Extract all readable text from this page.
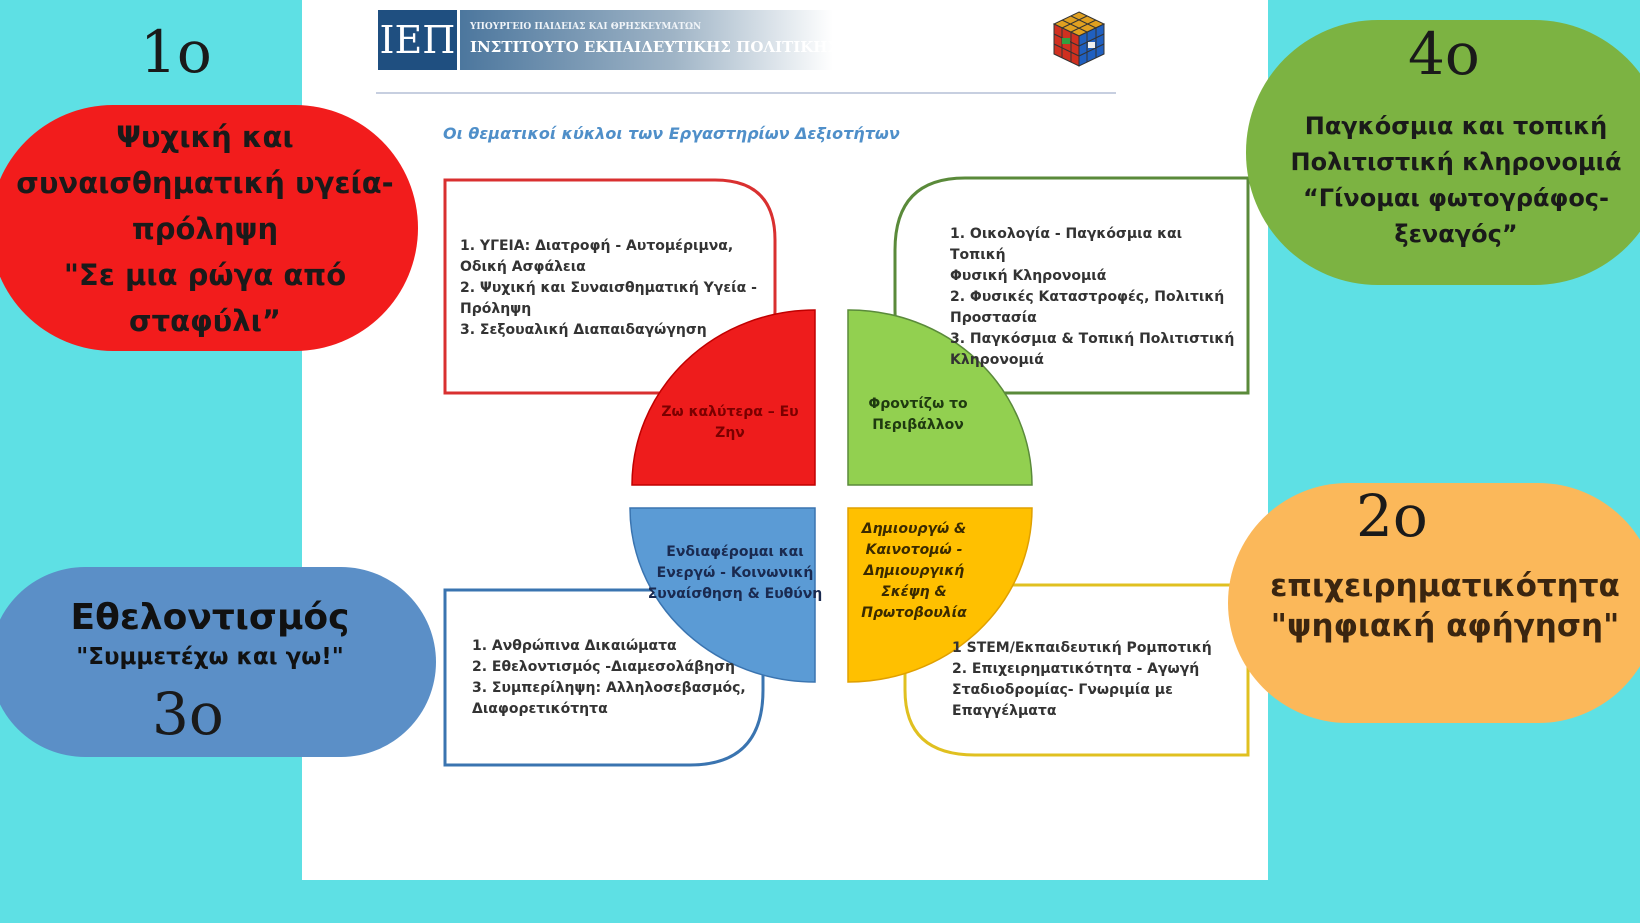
ΙΕΠ	ΥΠΟΥΡΓΕΙΟ ΠΑΙΔΕΙΑΣ ΚΑΙ ΘΡΗΣΚΕΥΜΑΤΩΝ
ΙΝΣΤΙΤΟΥΤΟ ΕΚΠΑΙΔΕΥΤΙΚΗΣ ΠΟΛΙΤΙΚΗΣ
Οι θεματικοί κύκλοι των Εργαστηρίων Δεξιοτήτων
1. ΥΓΕΙΑ: Διατροφή - Αυτομέριμνα,
Οδική Ασφάλεια
2. Ψυχική και Συναισθηματική Υγεία -
Πρόληψη
3. Σεξουαλική Διαπαιδαγώγηση
1. Οικολογία - Παγκόσμια και Τοπική
Φυσική Κληρονομιά
2. Φυσικές Καταστροφές, Πολιτική
Προστασία
3. Παγκόσμια & Τοπική Πολιτιστική
Κληρονομιά
1. Ανθρώπινα Δικαιώματα
2. Εθελοντισμός -Διαμεσολάβηση
3. Συμπερίληψη: Αλληλοσεβασμός,
Διαφορετικότητα
1 STEM/Εκπαιδευτική Ρομποτική
2. Επιχειρηματικότητα - Αγωγή
Σταδιοδρομίας- Γνωριμία με
Επαγγέλματα
Ζω καλύτερα – Ευ
Ζην
Φροντίζω το
Περιβάλλον
Ενδιαφέρομαι και
Ενεργώ - Κοινωνική
Συναίσθηση & Ευθύνη
Δημιουργώ &
Καινοτομώ -
Δημιουργική
Σκέψη &
Πρωτοβουλία
1ο
Ψυχική και
συναισθηματική υγεία-
πρόληψη
"Σε μια ρώγα από
σταφύλι”
4ο
Παγκόσμια και τοπική
Πολιτιστική κληρονομιά
“Γίνομαι φωτογράφος-
ξεναγός”
Εθελοντισμός
"Συμμετέχω και γω!"
3ο
2ο
επιχειρηματικότητα
"ψηφιακή αφήγηση"
